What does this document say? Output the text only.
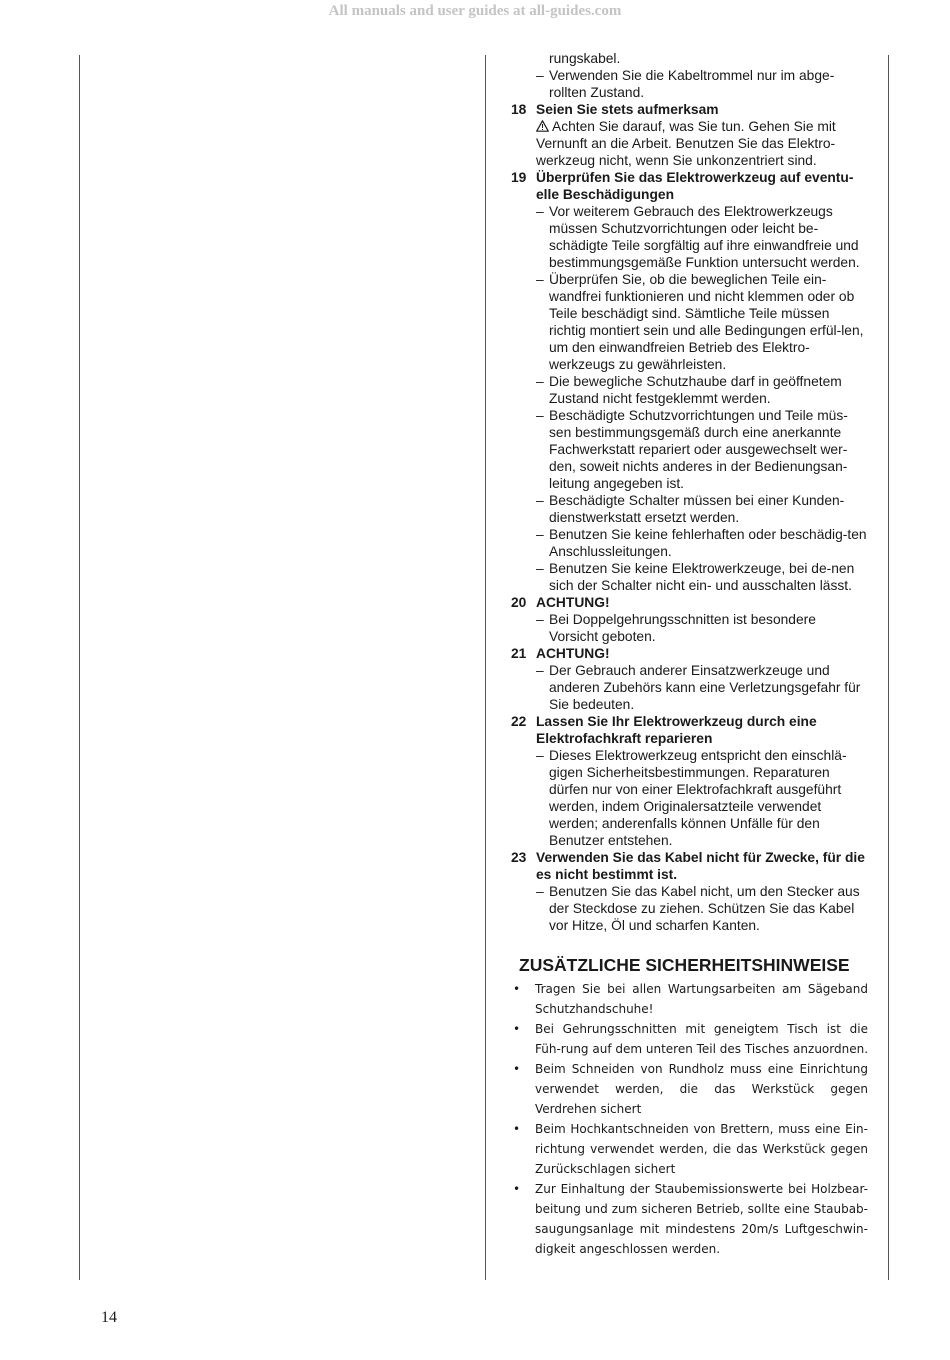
All manuals and user guides at all-guides.com
rungskabel.
– Verwenden Sie die Kabeltrommel nur im abge-rollten Zustand.
18 Seien Sie stets aufmerksam
Achten Sie darauf, was Sie tun. Gehen Sie mit Vernunft an die Arbeit. Benutzen Sie das Elektro-werkzeug nicht, wenn Sie unkonzentriert sind.
19 Überprüfen Sie das Elektrowerkzeug auf eventu-elle Beschädigungen
– Vor weiterem Gebrauch des Elektrowerkzeugs müssen Schutzvorrichtungen oder leicht be-schädigte Teile sorgfältig auf ihre einwandfreie und bestimmungsgemäße Funktion untersucht werden.
– Überprüfen Sie, ob die beweglichen Teile ein-wandfrei funktionieren und nicht klemmen oder ob Teile beschädigt sind. Sämtliche Teile müssen richtig montiert sein und alle Bedingungen erfül-len, um den einwandfreien Betrieb des Elektro-werkzeugs zu gewährleisten.
– Die bewegliche Schutzhaube darf in geöffnetem Zustand nicht festgeklemmt werden.
– Beschädigte Schutzvorrichtungen und Teile müs-sen bestimmungsgemäß durch eine anerkannte Fachwerkstatt repariert oder ausgewechselt wer-den, soweit nichts anderes in der Bedienungsan-leitung angegeben ist.
– Beschädigte Schalter müssen bei einer Kunden-dienstwerkstatt ersetzt werden.
– Benutzen Sie keine fehlerhaften oder beschädig-ten Anschlussleitungen.
– Benutzen Sie keine Elektrowerkzeuge, bei de-nen sich der Schalter nicht ein- und ausschalten lässt.
20 ACHTUNG!
– Bei Doppelgehrungsschnitten ist besondere Vorsicht geboten.
21 ACHTUNG!
– Der Gebrauch anderer Einsatzwerkzeuge und anderen Zubehörs kann eine Verletzungsgefahr für Sie bedeuten.
22 Lassen Sie Ihr Elektrowerkzeug durch eine Elektrofachkraft reparieren
– Dieses Elektrowerkzeug entspricht den einschlä-gigen Sicherheitsbestimmungen. Reparaturen dürfen nur von einer Elektrofachkraft ausgeführt werden, indem Originalersatzteile verwendet werden; anderenfalls können Unfälle für den Benutzer entstehen.
23 Verwenden Sie das Kabel nicht für Zwecke, für die es nicht bestimmt ist.
– Benutzen Sie das Kabel nicht, um den Stecker aus der Steckdose zu ziehen. Schützen Sie das Kabel vor Hitze, Öl und scharfen Kanten.
ZUSÄTZLICHE SICHERHEITSHINWEISE
•	Tragen Sie bei allen Wartungsarbeiten am Sägeband Schutzhandschuhe!
•	Bei Gehrungsschnitten mit geneigtem Tisch ist die Füh-rung auf dem unteren Teil des Tisches anzuordnen.
•	Beim Schneiden von Rundholz muss eine Einrichtung verwendet werden, die das Werkstück gegen Verdrehen sichert
•	Beim Hochkantschneiden von Brettern, muss eine Ein-richtung verwendet werden, die das Werkstück gegen Zurückschlagen sichert
•	Zur Einhaltung der Staubemissionswerte bei Holzbear-beitung und zum sicheren Betrieb, sollte eine Staubab-saugungsanlage mit mindestens 20m/s Luftgeschwin-digkeit angeschlossen werden.
14
